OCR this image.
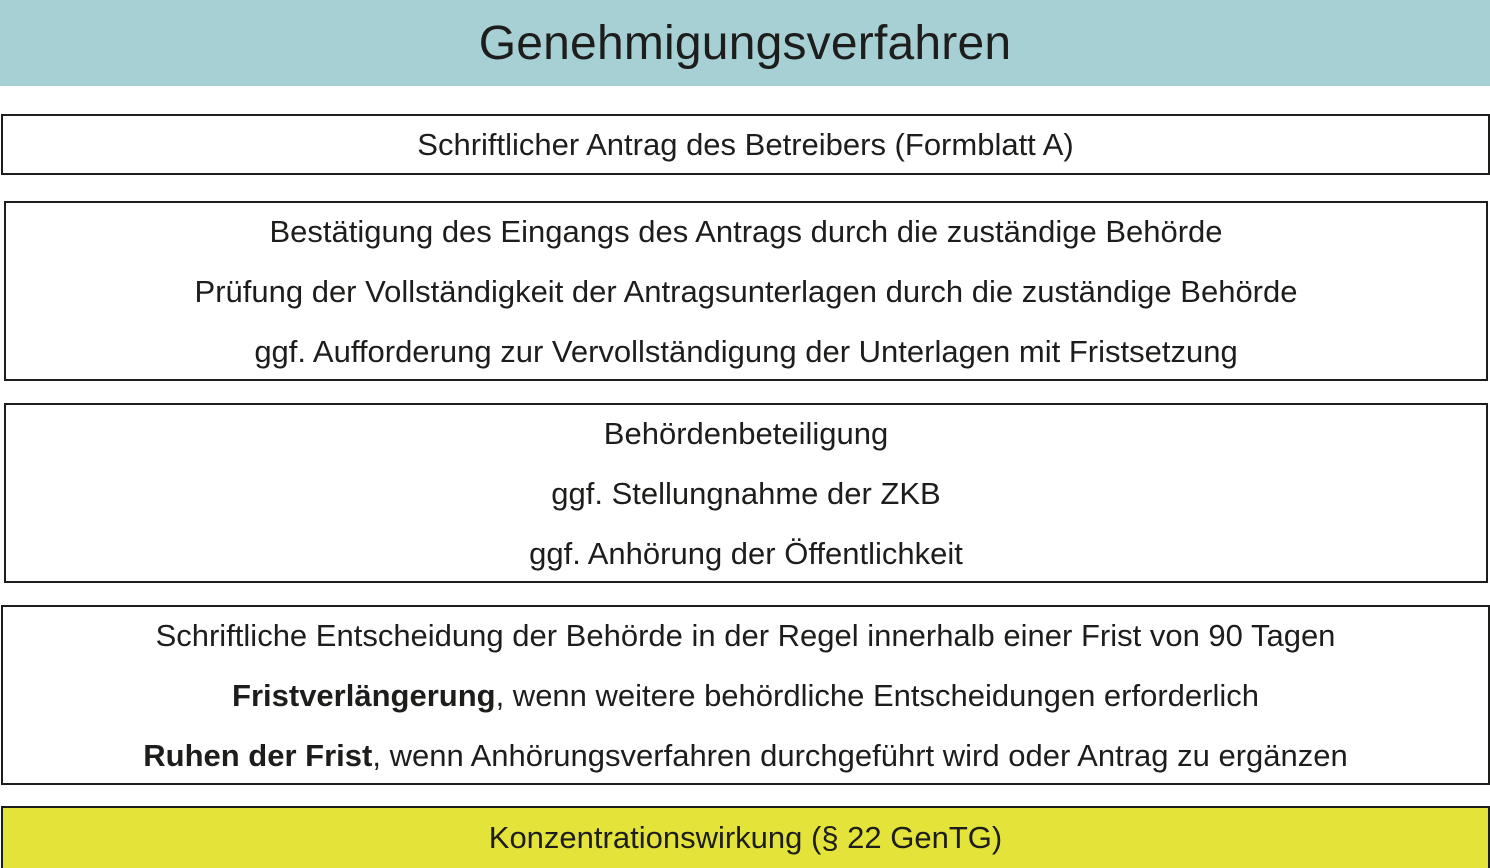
Genehmigungsverfahren
Schriftlicher Antrag des Betreibers (Formblatt A)
Bestätigung des Eingangs des Antrags durch die zuständige Behörde
Prüfung der Vollständigkeit der Antragsunterlagen durch die zuständige Behörde
ggf. Aufforderung zur Vervollständigung der Unterlagen mit Fristsetzung
Behördenbeteiligung
ggf. Stellungnahme der ZKB
ggf. Anhörung der Öffentlichkeit
Schriftliche Entscheidung der Behörde in der Regel innerhalb einer Frist von 90 Tagen
Fristverlängerung, wenn weitere behördliche Entscheidungen erforderlich
Ruhen der Frist, wenn Anhörungsverfahren durchgeführt wird oder Antrag zu ergänzen
Konzentrationswirkung (§ 22 GenTG)
